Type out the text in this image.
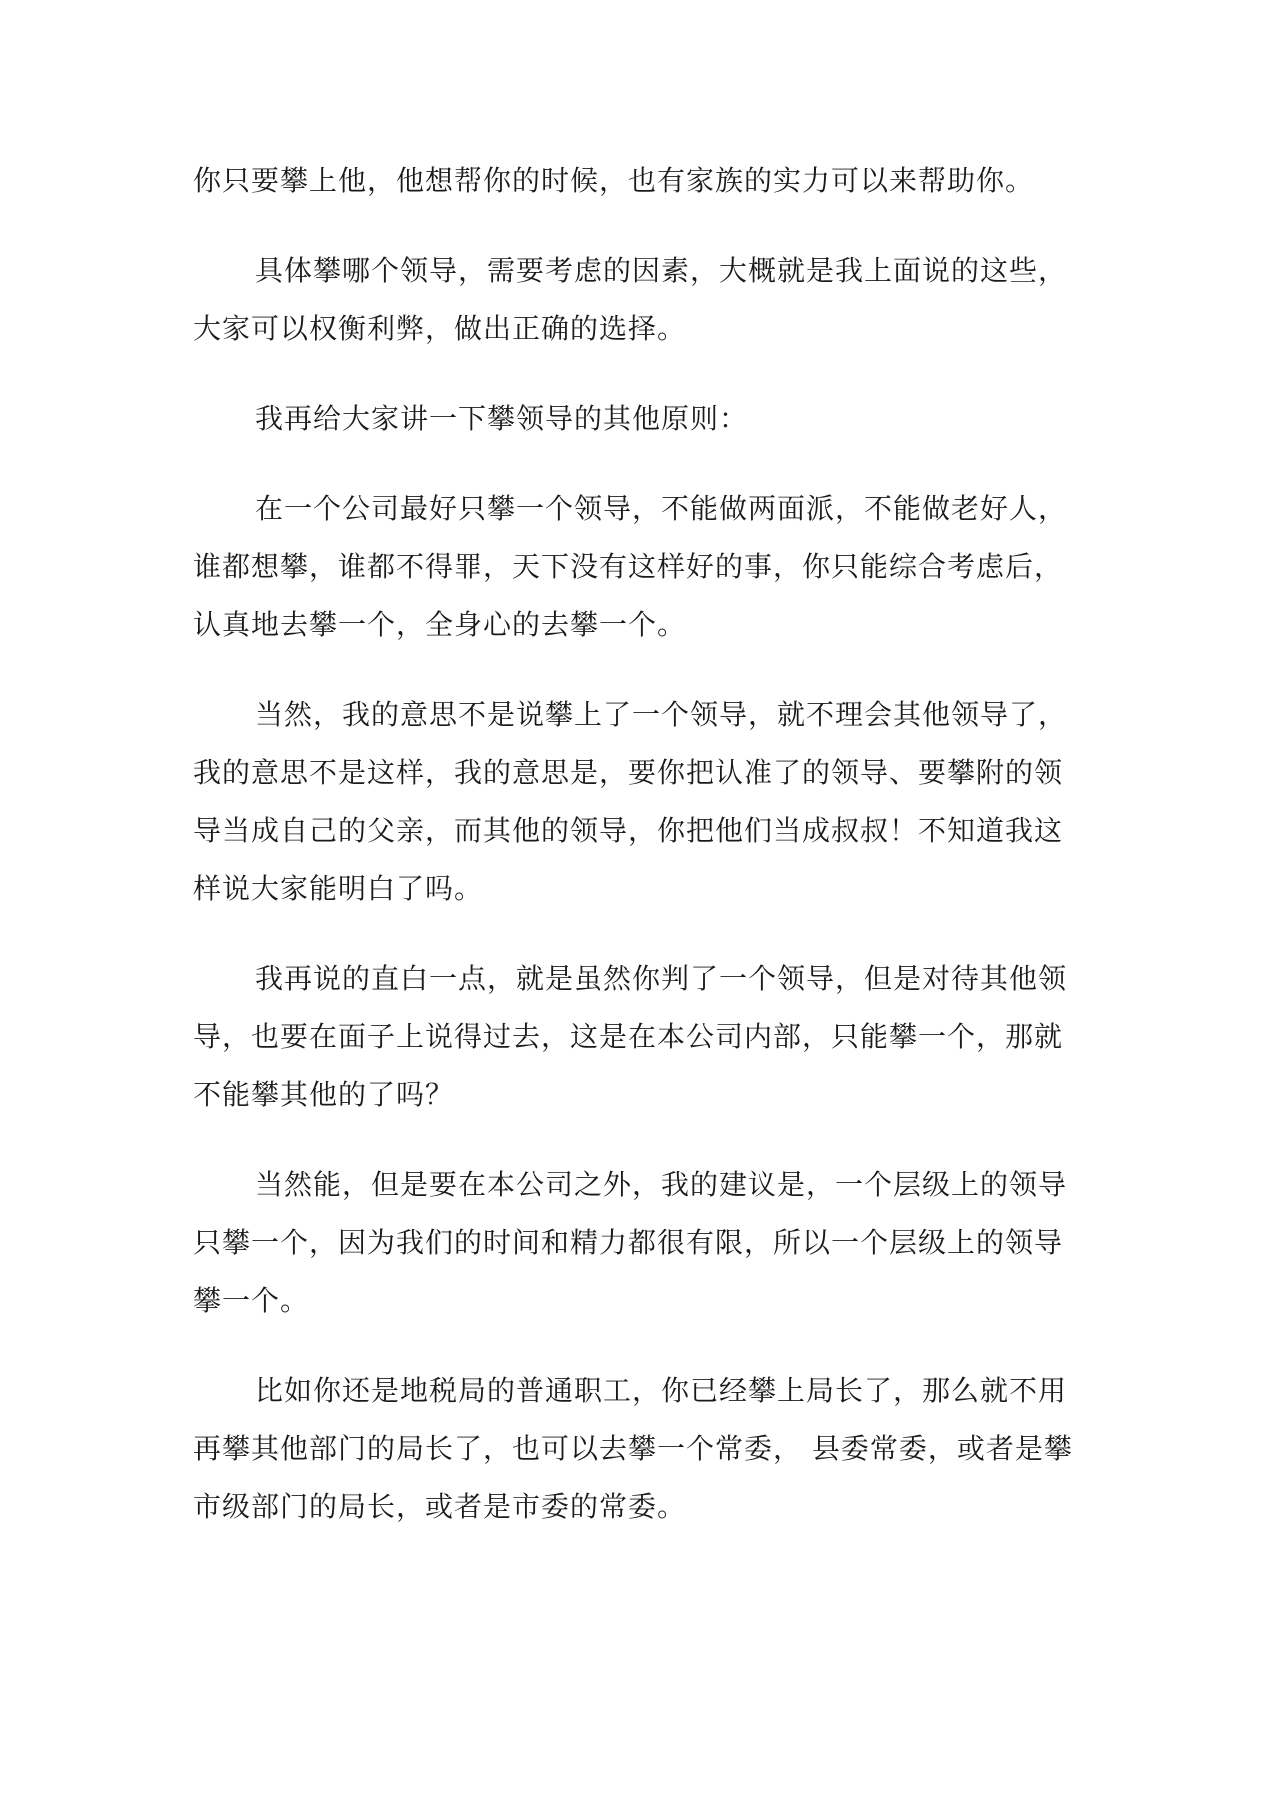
你只要攀上他，他想帮你的时候，也有家族的实力可以来帮助你。

具体攀哪个领导，需要考虑的因素，大概就是我上面说的这些，大家可以权衡利弊，做出正确的选择。

我再给大家讲一下攀领导的其他原则：

在一个公司最好只攀一个领导，不能做两面派，不能做老好人，谁都想攀，谁都不得罪，天下没有这样好的事，你只能综合考虑后，认真地去攀一个，全身心的去攀一个。

当然，我的意思不是说攀上了一个领导，就不理会其他领导了，我的意思不是这样，我的意思是，要你把认准了的领导、要攀附的领导当成自己的父亲，而其他的领导，你把他们当成叔叔！不知道我这样说大家能明白了吗。

我再说的直白一点，就是虽然你判了一个领导，但是对待其他领导，也要在面子上说得过去，这是在本公司内部，只能攀一个，那就不能攀其他的了吗？

当然能，但是要在本公司之外，我的建议是，一个层级上的领导只攀一个，因为我们的时间和精力都很有限，所以一个层级上的领导攀一个。

比如你还是地税局的普通职工，你已经攀上局长了，那么就不用再攀其他部门的局长了，也可以去攀一个常委， 县委常委，或者是攀市级部门的局长，或者是市委的常委。
